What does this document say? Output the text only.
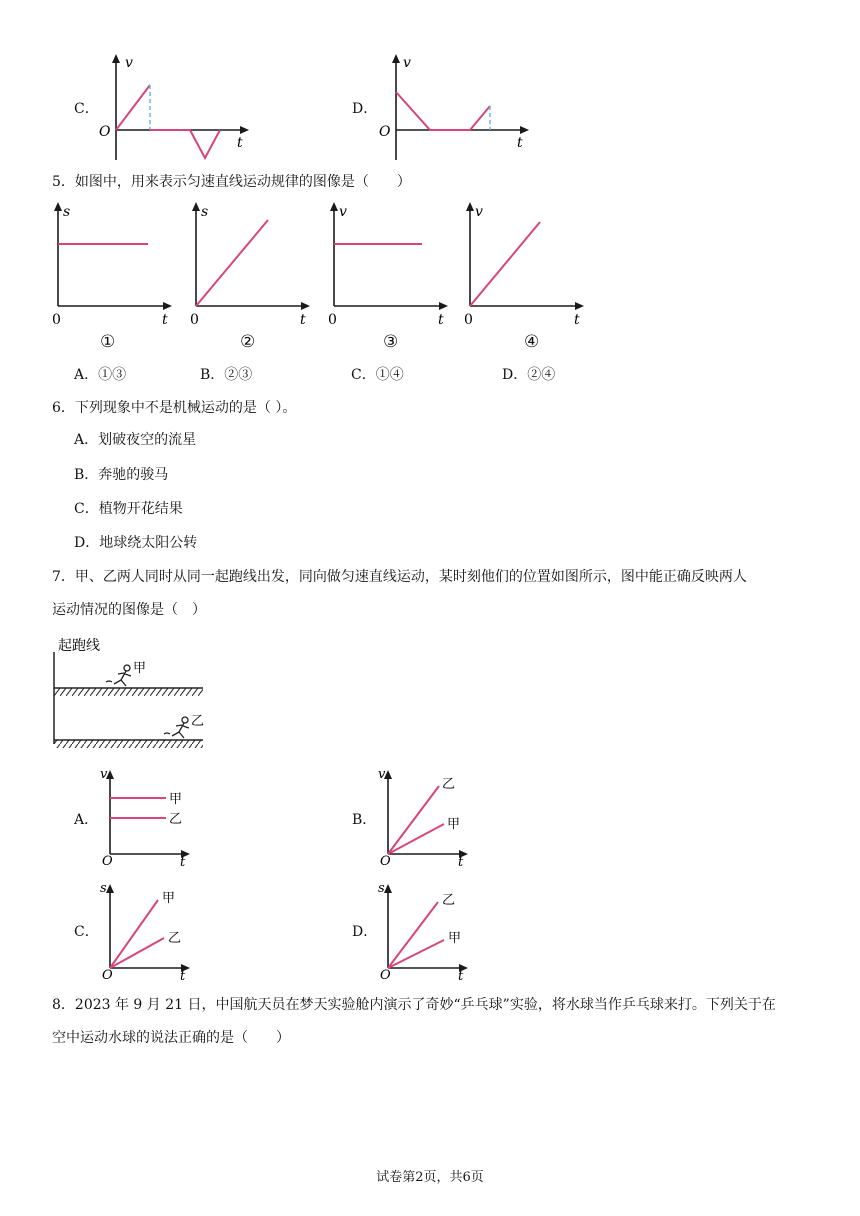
C．
v
t
O
D．
v
t
O
5．如图中，用来表示匀速直线运动规律的图像是（　　）
s
t
0
s
t
0
v
t
0
v
t
0
①	②	③	④
A．①③	B．②③	C．①④	D．②④
6．下列现象中不是机械运动的是（ ）。
A．划破夜空的流星
B．奔驰的骏马
C．植物开花结果
D．地球绕太阳公转
7．甲、乙两人同时从同一起跑线出发，同向做匀速直线运动，某时刻他们的位置如图所示，图中能正确反映两人
运动情况的图像是（　）
起跑线
甲
乙
A．
v
t
O
甲
乙	B．
v
t
O
乙
甲
C．
s
t
O
甲
乙	D．
s
t
O
乙
甲
8．2023 年 9 月 21 日，中国航天员在梦天实验舱内演示了奇妙“乒乓球”实验，将水球当作乒乓球来打。下列关于在
空中运动水球的说法正确的是（　　）
试卷第2页，共6页
